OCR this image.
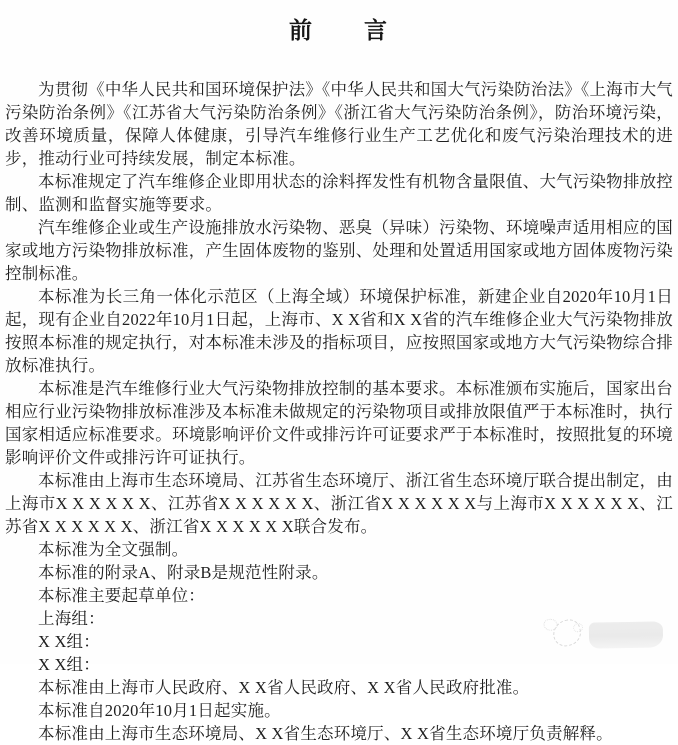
前　　言

为贯彻《中华人民共和国环境保护法》《中华人民共和国大气污染防治法》《上海市大气污染防治条例》《江苏省大气污染防治条例》《浙江省大气污染防治条例》，防治环境污染，改善环境质量，保障人体健康，引导汽车维修行业生产工艺优化和废气污染治理技术的进步，推动行业可持续发展，制定本标准。

本标准规定了汽车维修企业即用状态的涂料挥发性有机物含量限值、大气污染物排放控制、监测和监督实施等要求。

汽车维修企业或生产设施排放水污染物、恶臭（异味）污染物、环境噪声适用相应的国家或地方污染物排放标准，产生固体废物的鉴别、处理和处置适用国家或地方固体废物污染控制标准。

本标准为长三角一体化示范区（上海全域）环境保护标准，新建企业自2020年10月1日起，现有企业自2022年10月1日起，上海市、X X省和X X省的汽车维修企业大气污染物排放按照本标准的规定执行，对本标准未涉及的指标项目，应按照国家或地方大气污染物综合排放标准执行。

本标准是汽车维修行业大气污染物排放控制的基本要求。本标准颁布实施后，国家出台相应行业污染物排放标准涉及本标准未做规定的污染物项目或排放限值严于本标准时，执行国家相适应标准要求。环境影响评价文件或排污许可证要求严于本标准时，按照批复的环境影响评价文件或排污许可证执行。

本标准由上海市生态环境局、江苏省生态环境厅、浙江省生态环境厅联合提出制定，由上海市X X X X X X、江苏省X X X X X X、浙江省X X X X X X与上海市X X X X X X、江苏省X X X X X X、浙江省X X X X X X联合发布。

本标准为全文强制。

本标准的附录A、附录B是规范性附录。

本标准主要起草单位：

上海组：

X X组：

X X组：

本标准由上海市人民政府、X X省人民政府、X X省人民政府批准。

本标准自2020年10月1日起实施。

本标准由上海市生态环境局、X X省生态环境厅、X X省生态环境厅负责解释。
